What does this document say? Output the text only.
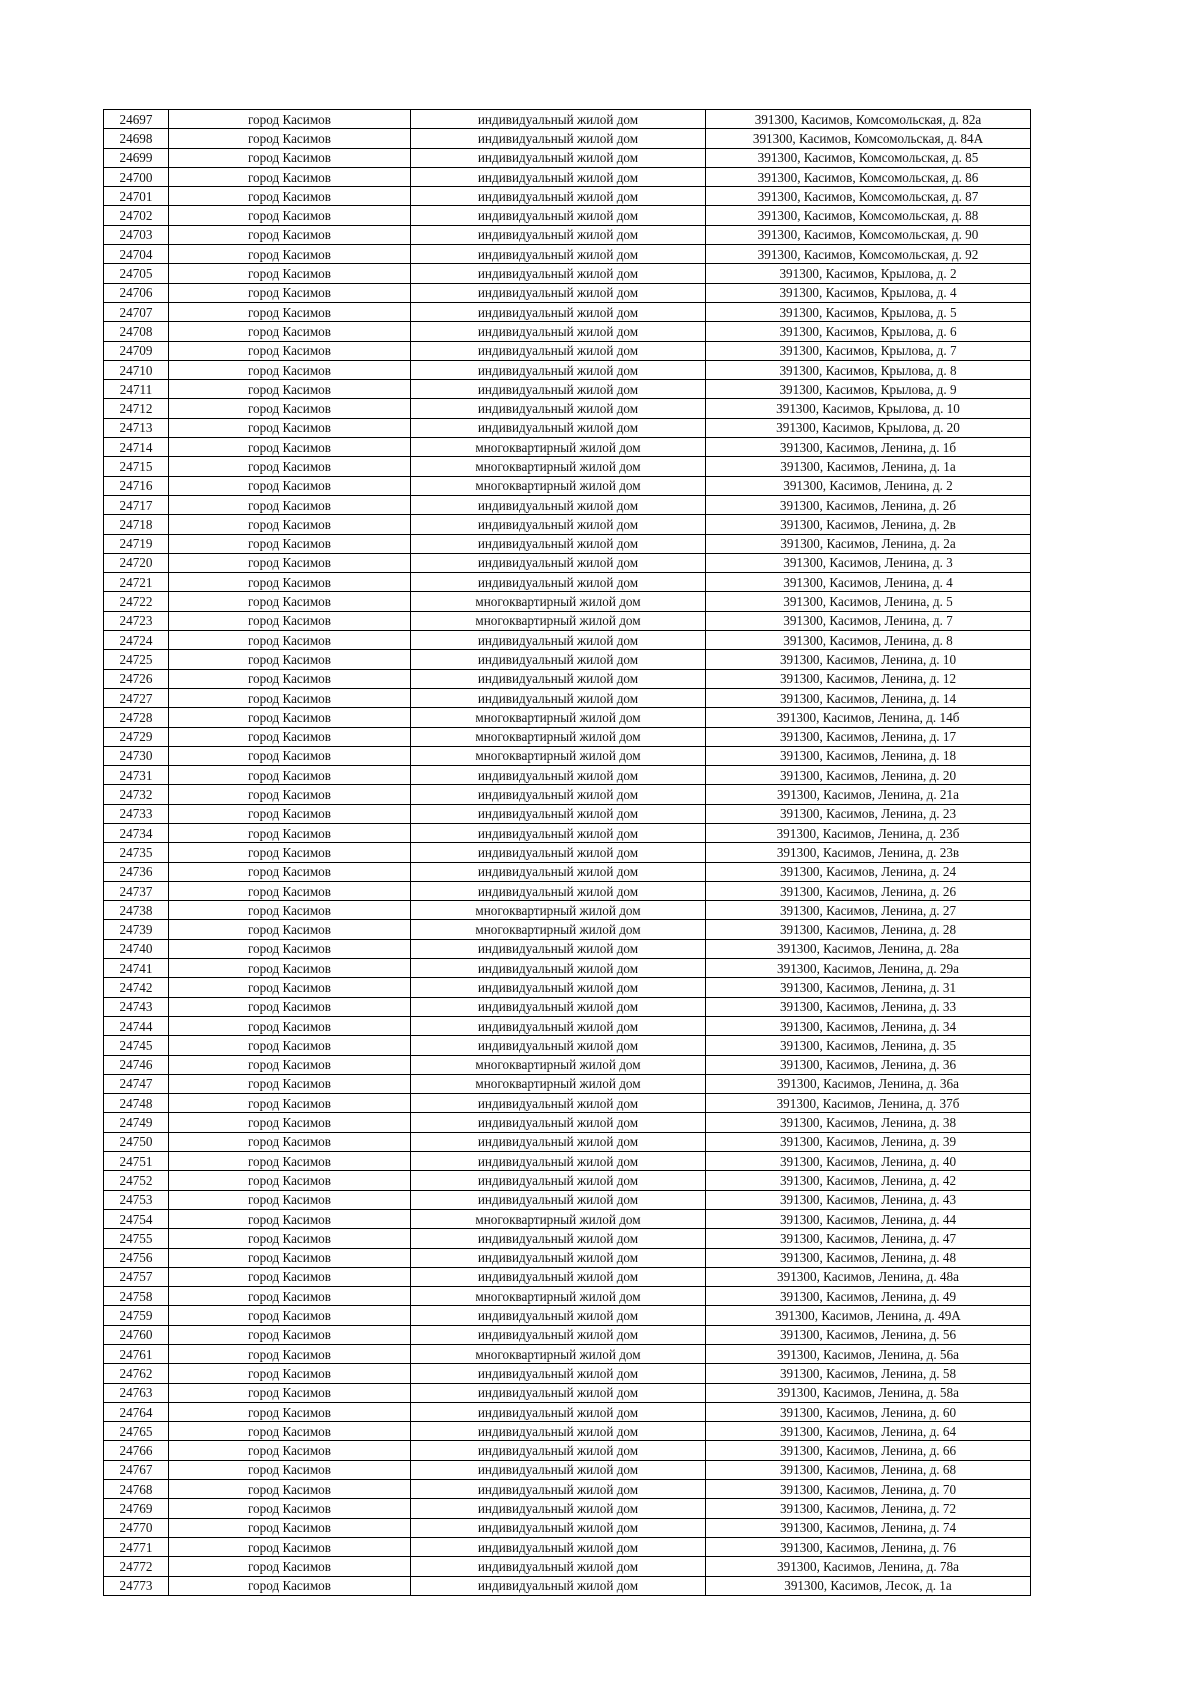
24697	город Касимов	индивидуальный жилой дом	391300, Касимов, Комсомольская, д. 82а
24698	город Касимов	индивидуальный жилой дом	391300, Касимов, Комсомольская, д. 84А
24699	город Касимов	индивидуальный жилой дом	391300, Касимов, Комсомольская, д. 85
24700	город Касимов	индивидуальный жилой дом	391300, Касимов, Комсомольская, д. 86
24701	город Касимов	индивидуальный жилой дом	391300, Касимов, Комсомольская, д. 87
24702	город Касимов	индивидуальный жилой дом	391300, Касимов, Комсомольская, д. 88
24703	город Касимов	индивидуальный жилой дом	391300, Касимов, Комсомольская, д. 90
24704	город Касимов	индивидуальный жилой дом	391300, Касимов, Комсомольская, д. 92
24705	город Касимов	индивидуальный жилой дом	391300, Касимов, Крылова, д. 2
24706	город Касимов	индивидуальный жилой дом	391300, Касимов, Крылова, д. 4
24707	город Касимов	индивидуальный жилой дом	391300, Касимов, Крылова, д. 5
24708	город Касимов	индивидуальный жилой дом	391300, Касимов, Крылова, д. 6
24709	город Касимов	индивидуальный жилой дом	391300, Касимов, Крылова, д. 7
24710	город Касимов	индивидуальный жилой дом	391300, Касимов, Крылова, д. 8
24711	город Касимов	индивидуальный жилой дом	391300, Касимов, Крылова, д. 9
24712	город Касимов	индивидуальный жилой дом	391300, Касимов, Крылова, д. 10
24713	город Касимов	индивидуальный жилой дом	391300, Касимов, Крылова, д. 20
24714	город Касимов	многоквартирный жилой дом	391300, Касимов, Ленина, д. 1б
24715	город Касимов	многоквартирный жилой дом	391300, Касимов, Ленина, д. 1а
24716	город Касимов	многоквартирный жилой дом	391300, Касимов, Ленина, д. 2
24717	город Касимов	индивидуальный жилой дом	391300, Касимов, Ленина, д. 2б
24718	город Касимов	индивидуальный жилой дом	391300, Касимов, Ленина, д. 2в
24719	город Касимов	индивидуальный жилой дом	391300, Касимов, Ленина, д. 2а
24720	город Касимов	индивидуальный жилой дом	391300, Касимов, Ленина, д. 3
24721	город Касимов	индивидуальный жилой дом	391300, Касимов, Ленина, д. 4
24722	город Касимов	многоквартирный жилой дом	391300, Касимов, Ленина, д. 5
24723	город Касимов	многоквартирный жилой дом	391300, Касимов, Ленина, д. 7
24724	город Касимов	индивидуальный жилой дом	391300, Касимов, Ленина, д. 8
24725	город Касимов	индивидуальный жилой дом	391300, Касимов, Ленина, д. 10
24726	город Касимов	индивидуальный жилой дом	391300, Касимов, Ленина, д. 12
24727	город Касимов	индивидуальный жилой дом	391300, Касимов, Ленина, д. 14
24728	город Касимов	многоквартирный жилой дом	391300, Касимов, Ленина, д. 14б
24729	город Касимов	многоквартирный жилой дом	391300, Касимов, Ленина, д. 17
24730	город Касимов	многоквартирный жилой дом	391300, Касимов, Ленина, д. 18
24731	город Касимов	индивидуальный жилой дом	391300, Касимов, Ленина, д. 20
24732	город Касимов	индивидуальный жилой дом	391300, Касимов, Ленина, д. 21а
24733	город Касимов	индивидуальный жилой дом	391300, Касимов, Ленина, д. 23
24734	город Касимов	индивидуальный жилой дом	391300, Касимов, Ленина, д. 23б
24735	город Касимов	индивидуальный жилой дом	391300, Касимов, Ленина, д. 23в
24736	город Касимов	индивидуальный жилой дом	391300, Касимов, Ленина, д. 24
24737	город Касимов	индивидуальный жилой дом	391300, Касимов, Ленина, д. 26
24738	город Касимов	многоквартирный жилой дом	391300, Касимов, Ленина, д. 27
24739	город Касимов	многоквартирный жилой дом	391300, Касимов, Ленина, д. 28
24740	город Касимов	индивидуальный жилой дом	391300, Касимов, Ленина, д. 28а
24741	город Касимов	индивидуальный жилой дом	391300, Касимов, Ленина, д. 29а
24742	город Касимов	индивидуальный жилой дом	391300, Касимов, Ленина, д. 31
24743	город Касимов	индивидуальный жилой дом	391300, Касимов, Ленина, д. 33
24744	город Касимов	индивидуальный жилой дом	391300, Касимов, Ленина, д. 34
24745	город Касимов	индивидуальный жилой дом	391300, Касимов, Ленина, д. 35
24746	город Касимов	многоквартирный жилой дом	391300, Касимов, Ленина, д. 36
24747	город Касимов	многоквартирный жилой дом	391300, Касимов, Ленина, д. 36а
24748	город Касимов	индивидуальный жилой дом	391300, Касимов, Ленина, д. 37б
24749	город Касимов	индивидуальный жилой дом	391300, Касимов, Ленина, д. 38
24750	город Касимов	индивидуальный жилой дом	391300, Касимов, Ленина, д. 39
24751	город Касимов	индивидуальный жилой дом	391300, Касимов, Ленина, д. 40
24752	город Касимов	индивидуальный жилой дом	391300, Касимов, Ленина, д. 42
24753	город Касимов	индивидуальный жилой дом	391300, Касимов, Ленина, д. 43
24754	город Касимов	многоквартирный жилой дом	391300, Касимов, Ленина, д. 44
24755	город Касимов	индивидуальный жилой дом	391300, Касимов, Ленина, д. 47
24756	город Касимов	индивидуальный жилой дом	391300, Касимов, Ленина, д. 48
24757	город Касимов	индивидуальный жилой дом	391300, Касимов, Ленина, д. 48а
24758	город Касимов	многоквартирный жилой дом	391300, Касимов, Ленина, д. 49
24759	город Касимов	индивидуальный жилой дом	391300, Касимов, Ленина, д. 49А
24760	город Касимов	индивидуальный жилой дом	391300, Касимов, Ленина, д. 56
24761	город Касимов	многоквартирный жилой дом	391300, Касимов, Ленина, д. 56а
24762	город Касимов	индивидуальный жилой дом	391300, Касимов, Ленина, д. 58
24763	город Касимов	индивидуальный жилой дом	391300, Касимов, Ленина, д. 58а
24764	город Касимов	индивидуальный жилой дом	391300, Касимов, Ленина, д. 60
24765	город Касимов	индивидуальный жилой дом	391300, Касимов, Ленина, д. 64
24766	город Касимов	индивидуальный жилой дом	391300, Касимов, Ленина, д. 66
24767	город Касимов	индивидуальный жилой дом	391300, Касимов, Ленина, д. 68
24768	город Касимов	индивидуальный жилой дом	391300, Касимов, Ленина, д. 70
24769	город Касимов	индивидуальный жилой дом	391300, Касимов, Ленина, д. 72
24770	город Касимов	индивидуальный жилой дом	391300, Касимов, Ленина, д. 74
24771	город Касимов	индивидуальный жилой дом	391300, Касимов, Ленина, д. 76
24772	город Касимов	индивидуальный жилой дом	391300, Касимов, Ленина, д. 78а
24773	город Касимов	индивидуальный жилой дом	391300, Касимов, Лесок, д. 1а
